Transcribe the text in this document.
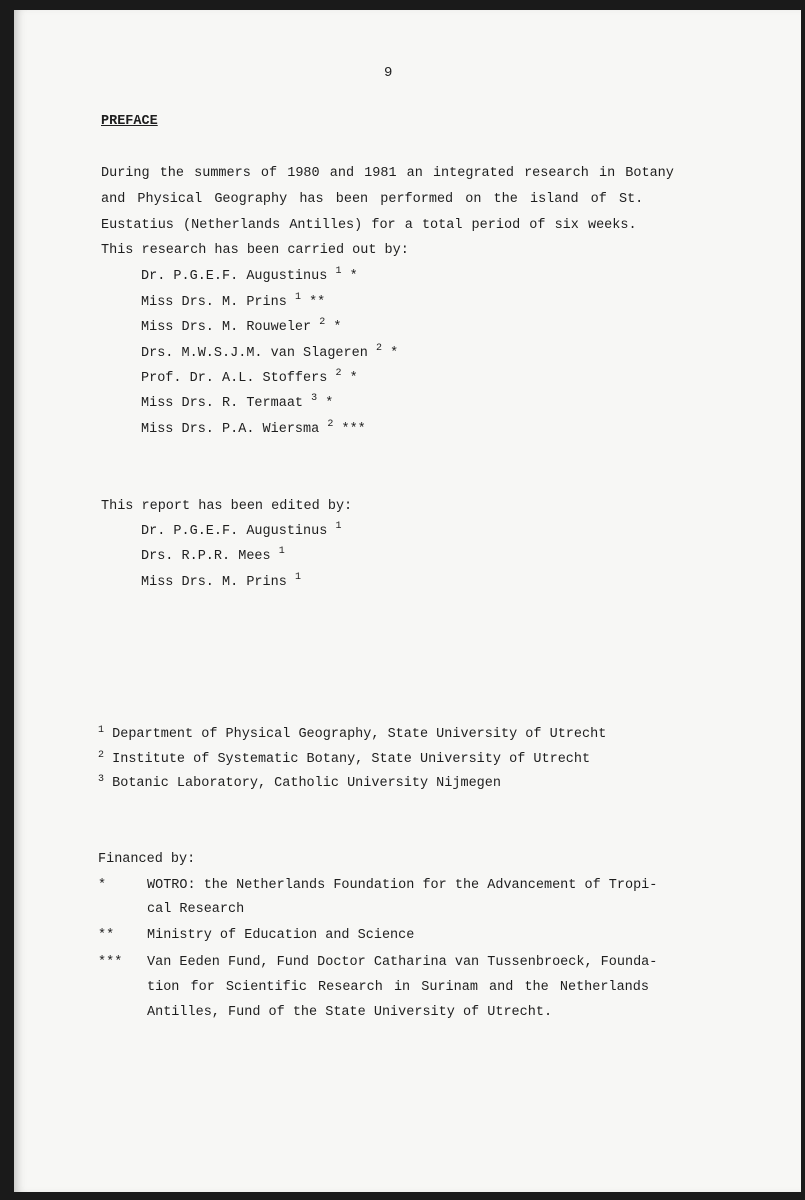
9
PREFACE
During the summers of 1980 and 1981 an integrated research in Botany
and Physical Geography has been performed on the island of St.
Eustatius (Netherlands Antilles) for a total period of six weeks.
This research has been carried out by:
Dr. P.G.E.F. Augustinus $^1$ *
Miss Drs. M. Prins $^1$ **
Miss Drs. M. Rouweler $^2$ *
Drs. M.W.S.J.M. van Slageren $^2$ *
Prof. Dr. A.L. Stoffers $^2$ *
Miss Drs. R. Termaat $^3$ *
Miss Drs. P.A. Wiersma $^2$ ***
This report has been edited by:
Dr. P.G.E.F. Augustinus $^1$
Drs. R.P.R. Mees $^1$
Miss Drs. M. Prins $^1$
$^1$ Department of Physical Geography, State University of Utrecht
$^2$ Institute of Systematic Botany, State University of Utrecht
$^3$ Botanic Laboratory, Catholic University Nijmegen
Financed by:
*	WOTRO: the Netherlands Foundation for the Advancement of Tropi-
cal Research
** Ministry of Education and Science
*** Van Eeden Fund, Fund Doctor Catharina van Tussenbroeck, Founda-
tion for Scientific Research in Surinam and the Netherlands
Antilles, Fund of the State University of Utrecht.
